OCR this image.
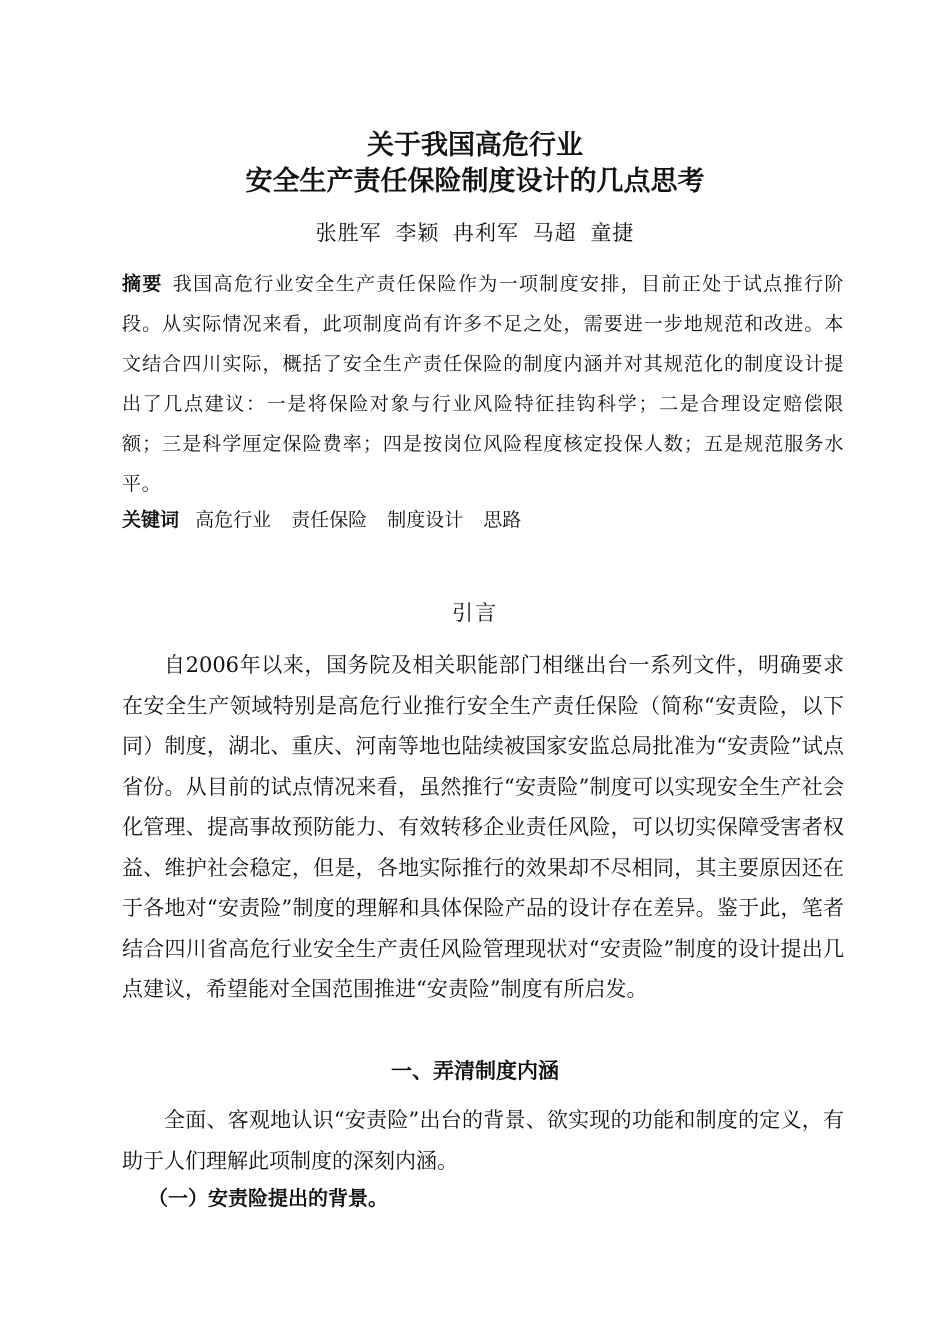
关于我国高危行业
安全生产责任保险制度设计的几点思考
张胜军 李颖 冉利军 马超 童捷
摘要 我国高危行业安全生产责任保险作为一项制度安排，目前正处于试点推行阶段。从实际情况来看，此项制度尚有许多不足之处，需要进一步地规范和改进。本文结合四川实际，概括了安全生产责任保险的制度内涵并对其规范化的制度设计提出了几点建议：一是将保险对象与行业风险特征挂钩科学；二是合理设定赔偿限额；三是科学厘定保险费率；四是按岗位风险程度核定投保人数；五是规范服务水平。
关键词 高危行业 责任保险 制度设计 思路
引言

自2006年以来，国务院及相关职能部门相继出台一系列文件，明确要求在安全生产领域特别是高危行业推行安全生产责任保险（简称“安责险，以下同）制度，湖北、重庆、河南等地也陆续被国家安监总局批准为“安责险”试点省份。从目前的试点情况来看，虽然推行“安责险”制度可以实现安全生产社会化管理、提高事故预防能力、有效转移企业责任风险，可以切实保障受害者权益、维护社会稳定，但是，各地实际推行的效果却不尽相同，其主要原因还在于各地对“安责险”制度的理解和具体保险产品的设计存在差异。鉴于此，笔者结合四川省高危行业安全生产责任风险管理现状对“安责险”制度的设计提出几点建议，希望能对全国范围推进“安责险”制度有所启发。

一、弄清制度内涵

全面、客观地认识“安责险”出台的背景、欲实现的功能和制度的定义，有助于人们理解此项制度的深刻内涵。

（一）安责险提出的背景。
